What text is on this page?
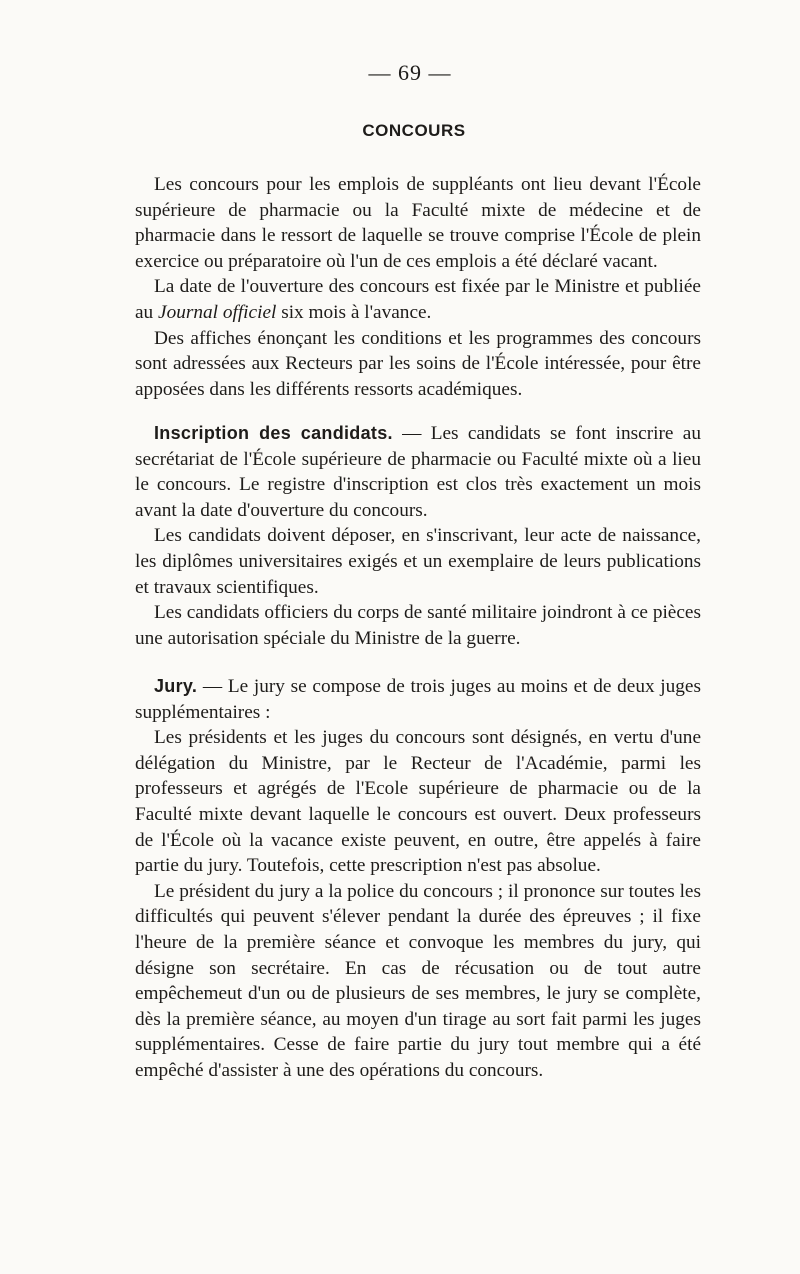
— 69 —
CONCOURS

Les concours pour les emplois de suppléants ont lieu devant l'École supérieure de pharmacie ou la Faculté mixte de médecine et de pharmacie dans le ressort de laquelle se trouve comprise l'École de plein exercice ou préparatoire où l'un de ces emplois a été déclaré vacant.

La date de l'ouverture des concours est fixée par le Ministre et publiée au Journal officiel six mois à l'avance.

Des affiches énonçant les conditions et les programmes des concours sont adressées aux Recteurs par les soins de l'École intéressée, pour être apposées dans les différents ressorts académiques.

Inscription des candidats. — Les candidats se font inscrire au secrétariat de l'École supérieure de pharmacie ou Faculté mixte où a lieu le concours. Le registre d'inscription est clos très exactement un mois avant la date d'ouverture du concours.

Les candidats doivent déposer, en s'inscrivant, leur acte de naissance, les diplômes universitaires exigés et un exemplaire de leurs publications et travaux scientifiques.

Les candidats officiers du corps de santé militaire joindront à ce pièces une autorisation spéciale du Ministre de la guerre.

Jury. — Le jury se compose de trois juges au moins et de deux juges supplémentaires :

Les présidents et les juges du concours sont désignés, en vertu d'une délégation du Ministre, par le Recteur de l'Académie, parmi les professeurs et agrégés de l'Ecole supérieure de pharmacie ou de la Faculté mixte devant laquelle le concours est ouvert. Deux professeurs de l'École où la vacance existe peuvent, en outre, être appelés à faire partie du jury. Toutefois, cette prescription n'est pas absolue.

Le président du jury a la police du concours ; il prononce sur toutes les difficultés qui peuvent s'élever pendant la durée des épreuves ; il fixe l'heure de la première séance et convoque les membres du jury, qui désigne son secrétaire. En cas de récusation ou de tout autre empêchemeut d'un ou de plusieurs de ses membres, le jury se complète, dès la première séance, au moyen d'un tirage au sort fait parmi les juges supplémentaires. Cesse de faire partie du jury tout membre qui a été empêché d'assister à une des opérations du concours.
